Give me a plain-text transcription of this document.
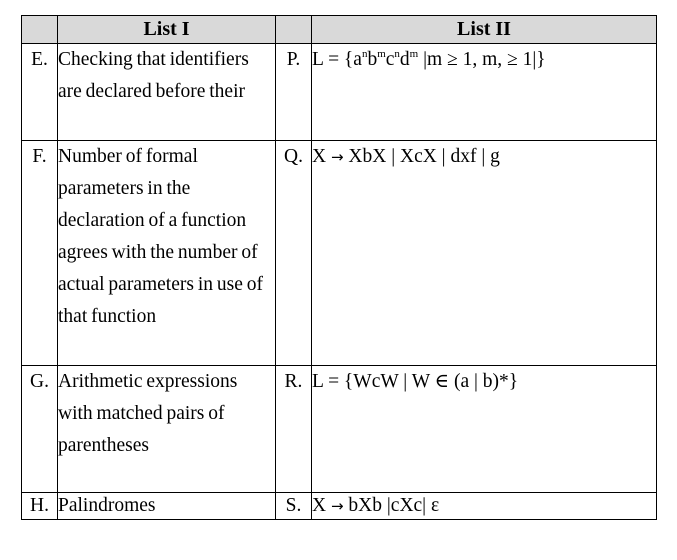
	List I		List II
E.	Checking that identifiers are declared before their	P.	$L = \{a^nb^mc^nd^m$ |m ≥ 1, m, ≥ 1|}
F.	Number of formal parameters in the declaration of a function agrees with the number of actual parameters in use of that function	Q.	X → XbX | XcX | dxf | g
G.	Arithmetic expressions with matched pairs of parentheses	R.	L = {WcW | W ∈ (a | b)*}
H.	Palindromes	S.	X → bXb |cXc| ε
